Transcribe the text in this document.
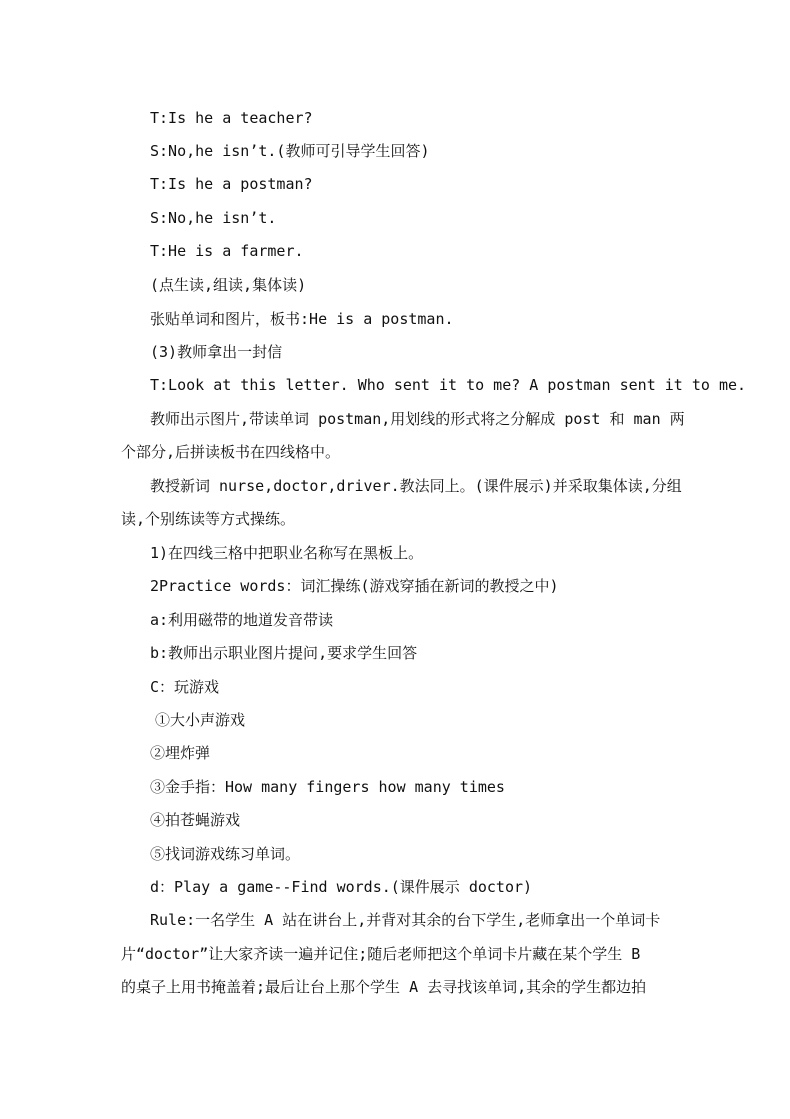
T:Is he a teacher?
S:No,he isn’t.(教师可引导学生回答)
T:Is he a postman?
S:No,he isn’t.
T:He is a farmer.
(点生读,组读,集体读)
张贴单词和图片，板书:He is a postman.
(3)教师拿出一封信
T:Look at this letter. Who sent it to me? A postman sent it to me.
教师出示图片,带读单词 postman,用划线的形式将之分解成 post 和 man 两
个部分,后拼读板书在四线格中。
教授新词 nurse,doctor,driver.教法同上。(课件展示)并采取集体读,分组
读,个别练读等方式操练。
1)在四线三格中把职业名称写在黑板上。
2Practice words：词汇操练(游戏穿插在新词的教授之中)
a:利用磁带的地道发音带读
b:教师出示职业图片提问,要求学生回答
C：玩游戏
①大小声游戏
②埋炸弹
③金手指：How many fingers how many times
④拍苍蝇游戏
⑤找词游戏练习单词。
d：Play a game--Find words.(课件展示 doctor)
Rule:一名学生 A 站在讲台上,并背对其余的台下学生,老师拿出一个单词卡
片“doctor”让大家齐读一遍并记住;随后老师把这个单词卡片藏在某个学生 B
的桌子上用书掩盖着;最后让台上那个学生 A 去寻找该单词,其余的学生都边拍
